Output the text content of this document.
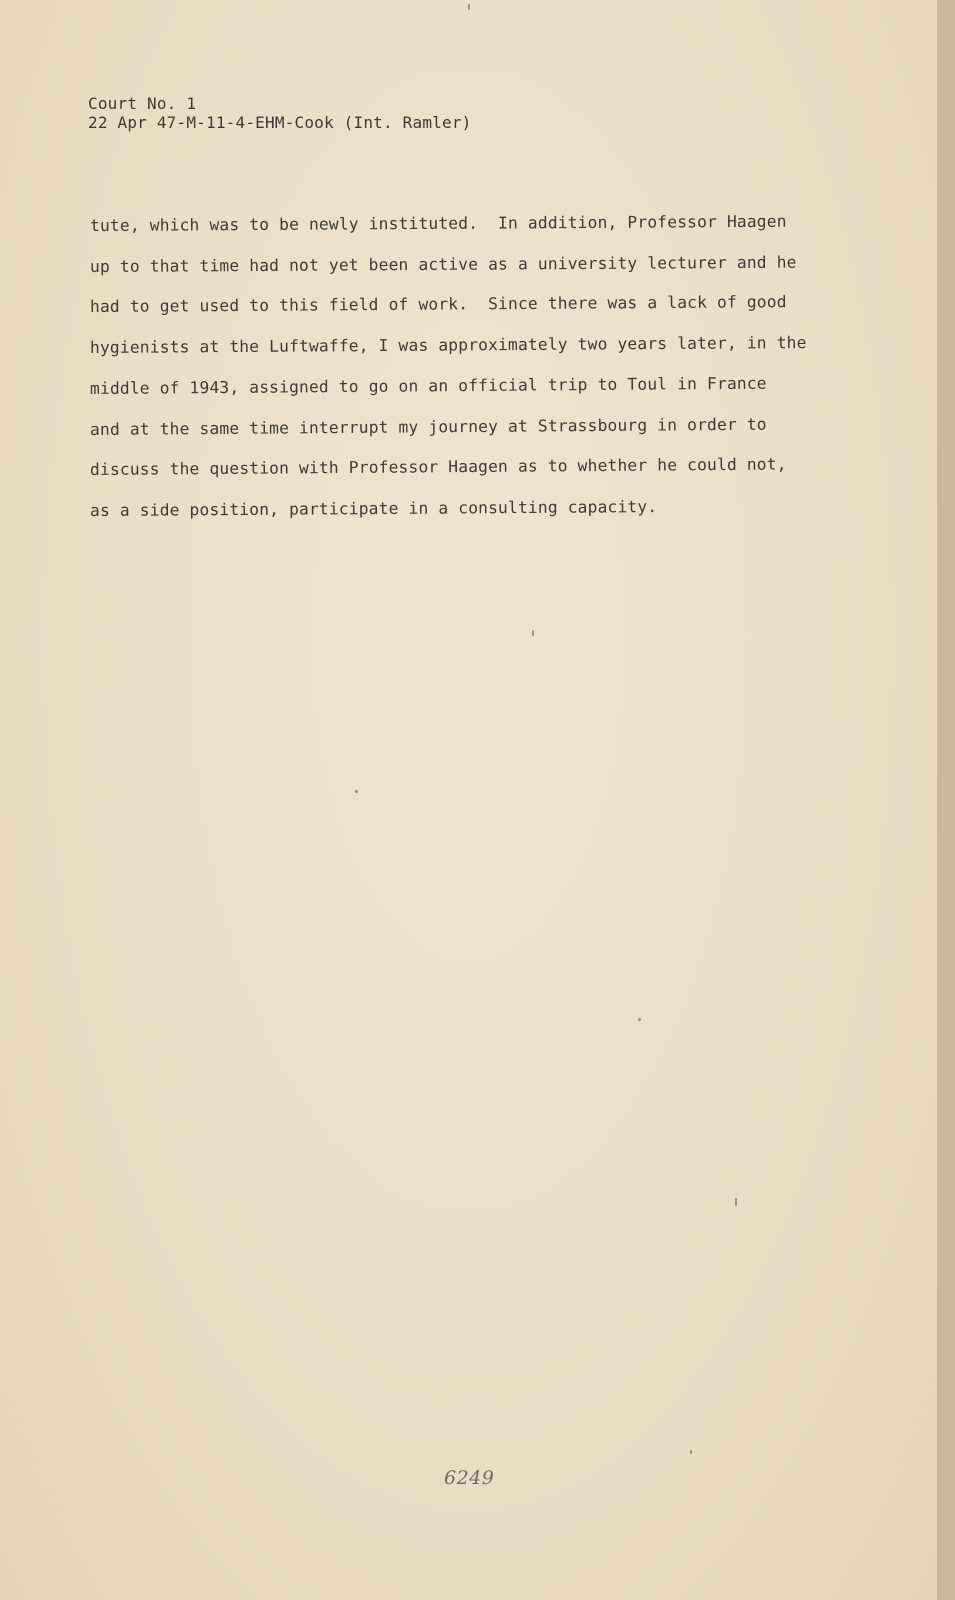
Court No. 1
22 Apr 47-M-11-4-EHM-Cook (Int. Ramler)
tute, which was to be newly instituted.  In addition, Professor Haagen
up to that time had not yet been active as a university lecturer and he
had to get used to this field of work.  Since there was a lack of good
hygienists at the Luftwaffe, I was approximately two years later, in the
middle of 1943, assigned to go on an official trip to Toul in France
and at the same time interrupt my journey at Strassbourg in order to
discuss the question with Professor Haagen as to whether he could not,
as a side position, participate in a consulting capacity.
6249
